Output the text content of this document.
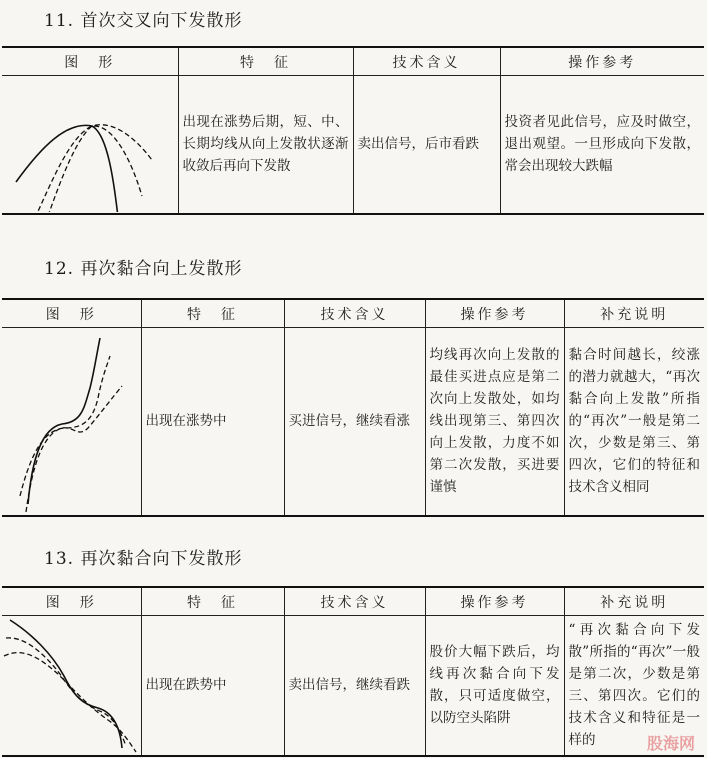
11. 首次交叉向下发散形
图　形	特　征	技术含义	操作参考

	出现在涨势后期，短、中、长期均线从向上发散状逐渐收敛后再向下发散	卖出信号，后市看跌	投资者见此信号，应及时做空，退出观望。一旦形成向下发散，常会出现较大跌幅
12. 再次黏合向上发散形
图　形	特　征	技术含义	操作参考	补充说明

	出现在涨势中	买进信号，继续看涨	均线再次向上发散的最佳买进点应是第二次向上发散处，如均线出现第三、第四次向上发散，力度不如第二次发散，买进要谨慎	黏合时间越长，绞涨的潜力就越大，“再次黏合向上发散”所指的“再次”一般是第二次，少数是第三、第四次，它们的特征和技术含义相同
13. 再次黏合向下发散形
图　形	特　征	技术含义	操作参考	补充说明

	出现在跌势中	卖出信号，继续看跌	股价大幅下跌后，均线再次黏合向下发散，只可适度做空，以防空头陷阱	“再次黏合向下发散”所指的“再次”一般是第二次，少数是第三、第四次。它们的技术含义和特征是一样的	股海网
